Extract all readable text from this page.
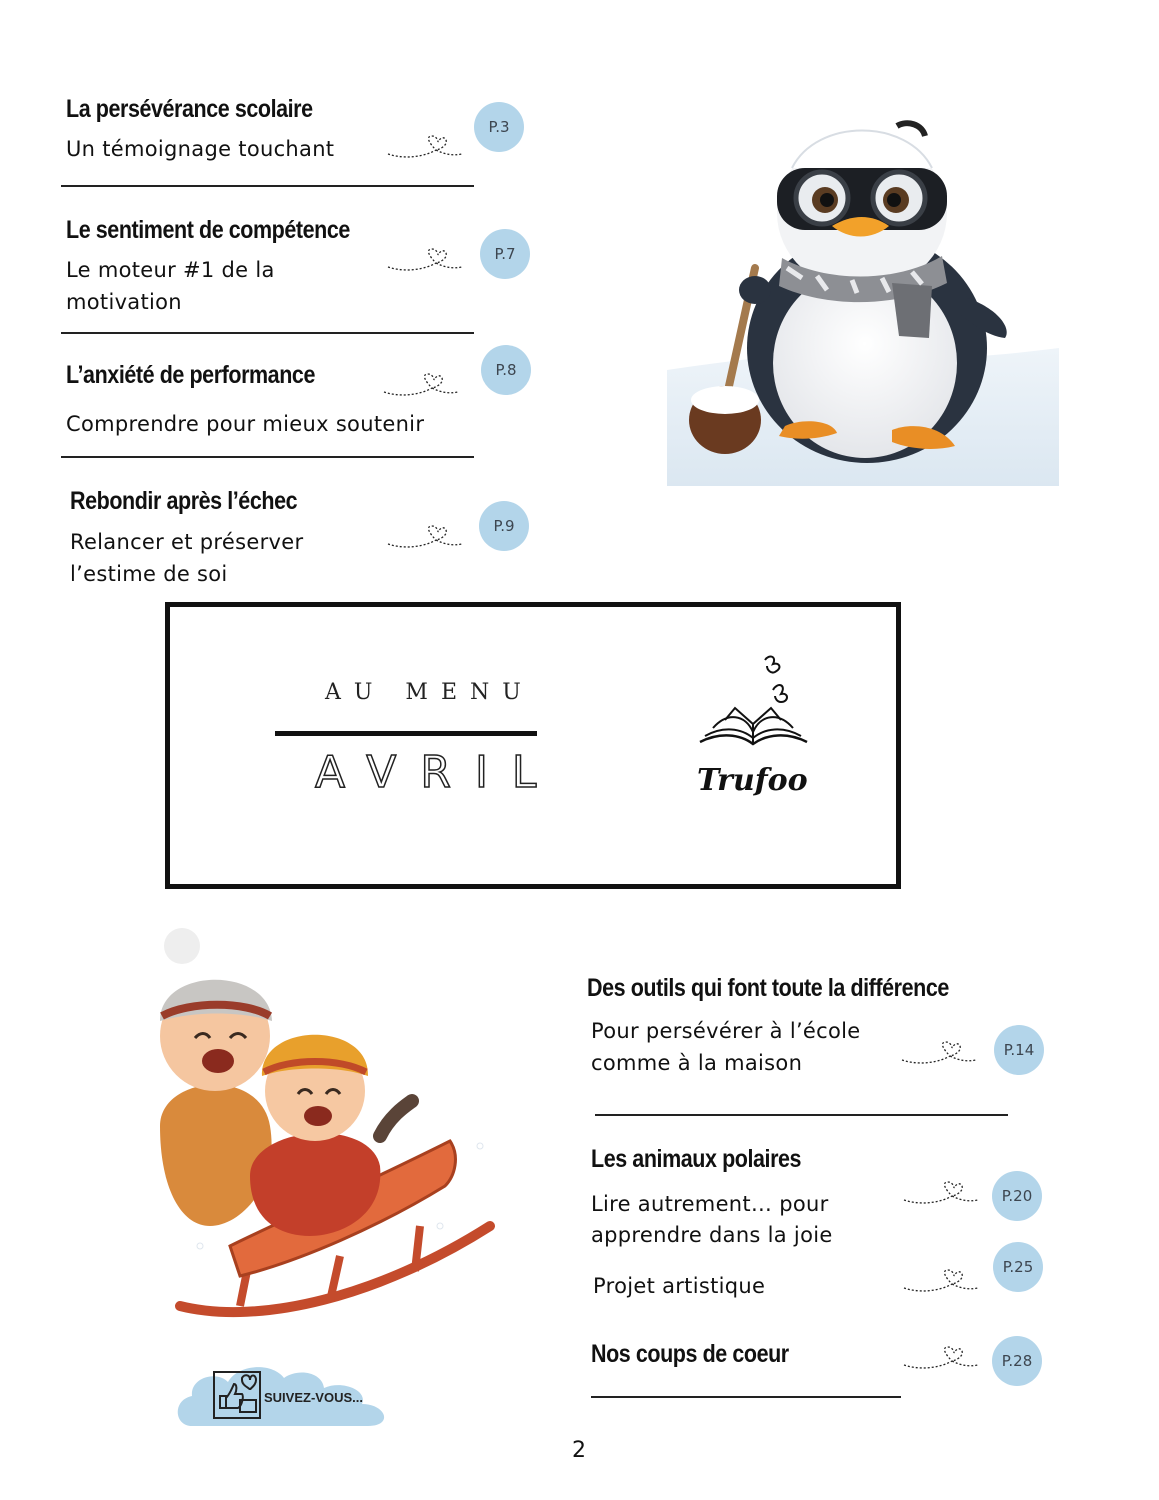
La persévérance scolaire
Un témoignage touchant
P.3
Le sentiment de compétence
Le moteur #1 de la
motivation
P.7
L’anxiété de performance
Comprendre pour mieux soutenir
P.8
Rebondir après l’échec
Relancer et préserver
l’estime de soi
P.9
AU MENU
AVRIL	Trufoo
SUIVEZ-VOUS...
Des outils qui font toute la différence
Pour persévérer à l’école
comme à la maison
P.14
Les animaux polaires
Lire autrement… pour
apprendre dans la joie
P.20
Projet artistique
P.25
Nos coups de coeur	P.28
2
